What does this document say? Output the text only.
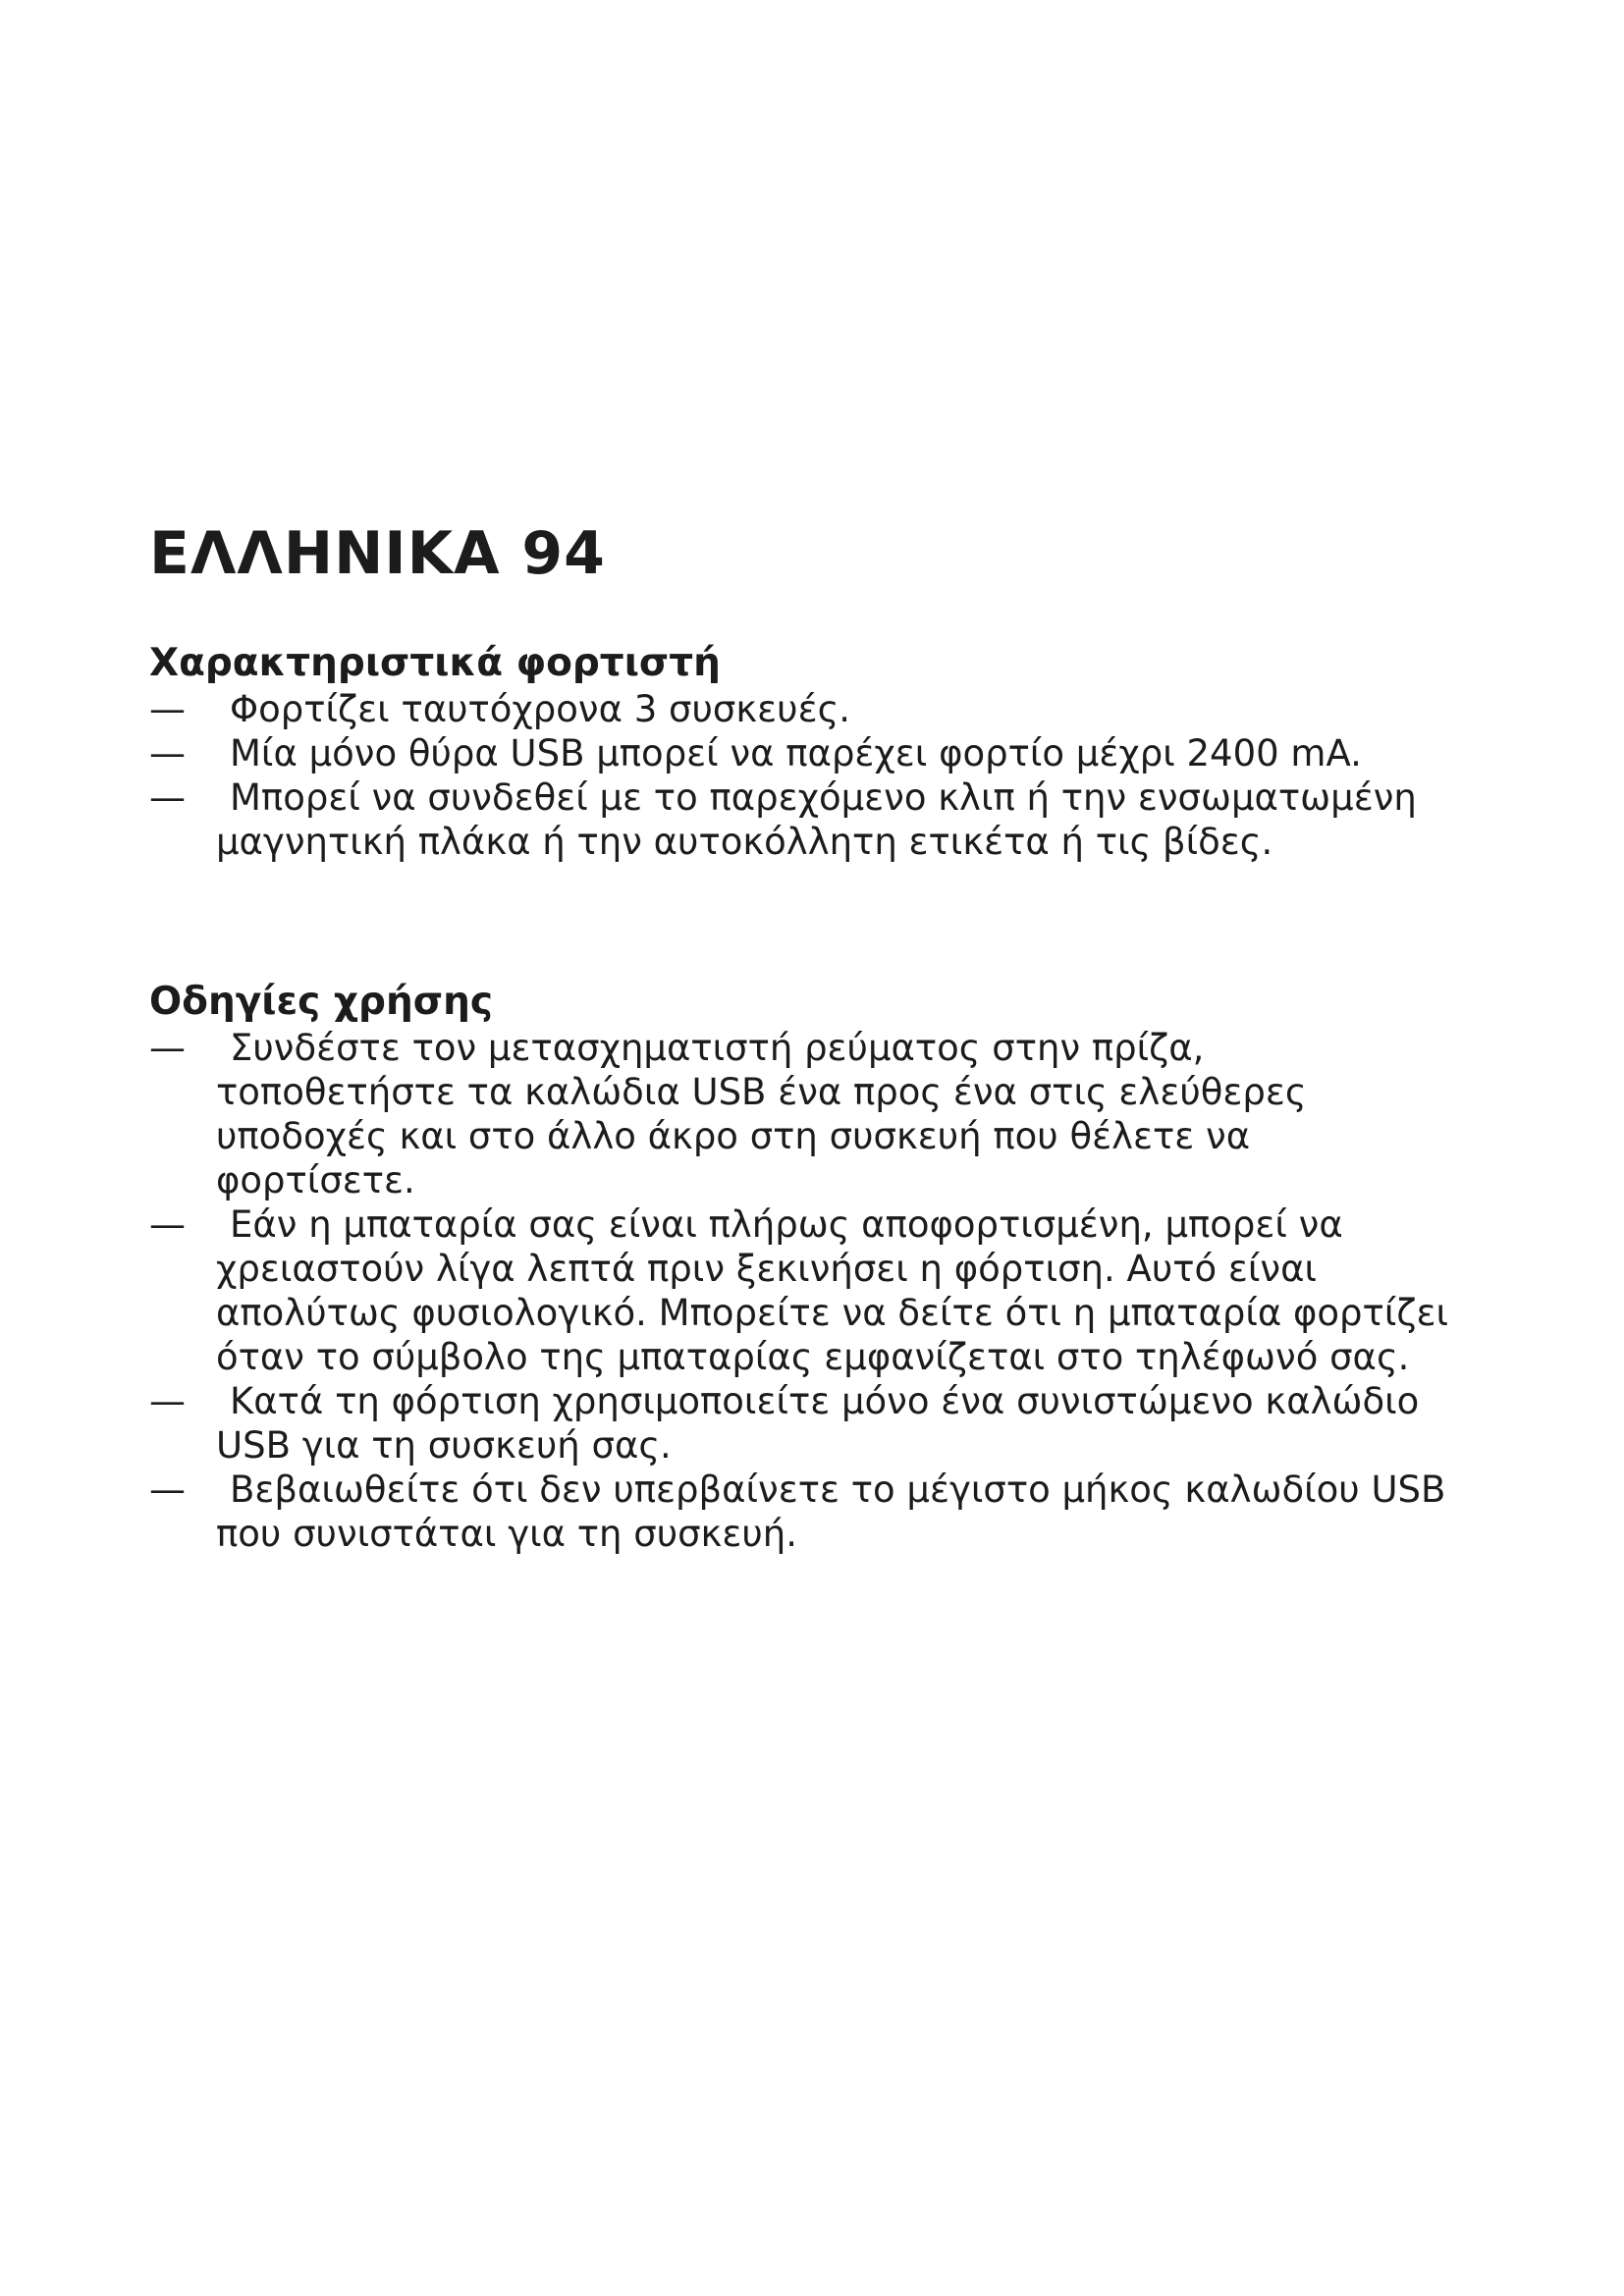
ΕΛΛΗΝΙΚΑ 94
Χαρακτηριστικά φορτιστή
—	Φορτίζει ταυτόχρονα 3 συσκευές.
—	Μία μόνο θύρα USB μπορεί να παρέχει φορτίο μέχρι 2400 mA.
—	Μπορεί να συνδεθεί με το παρεχόμενο κλιπ ή την ενσωματωμένη μαγνητική πλάκα ή την αυτοκόλλητη ετικέτα ή τις βίδες.
Οδηγίες χρήσης
—	Συνδέστε τον μετασχηματιστή ρεύματος στην πρίζα, τοποθετήστε τα καλώδια USB ένα προς ένα στις ελεύθερες υποδοχές και στο άλλο άκρο στη συσκευή που θέλετε να φορτίσετε.
—	Εάν η μπαταρία σας είναι πλήρως αποφορτισμένη, μπορεί να χρειαστούν λίγα λεπτά πριν ξεκινήσει η φόρτιση. Αυτό είναι απολύτως φυσιολογικό. Μπορείτε να δείτε ότι η μπαταρία φορτίζει όταν το σύμβολο της μπαταρίας εμφανίζεται στο τηλέφωνό σας.
—	Κατά τη φόρτιση χρησιμοποιείτε μόνο ένα συνιστώμενο καλώδιο USB για τη συσκευή σας.
—	Βεβαιωθείτε ότι δεν υπερβαίνετε το μέγιστο μήκος καλωδίου USB που συνιστάται για τη συσκευή.
